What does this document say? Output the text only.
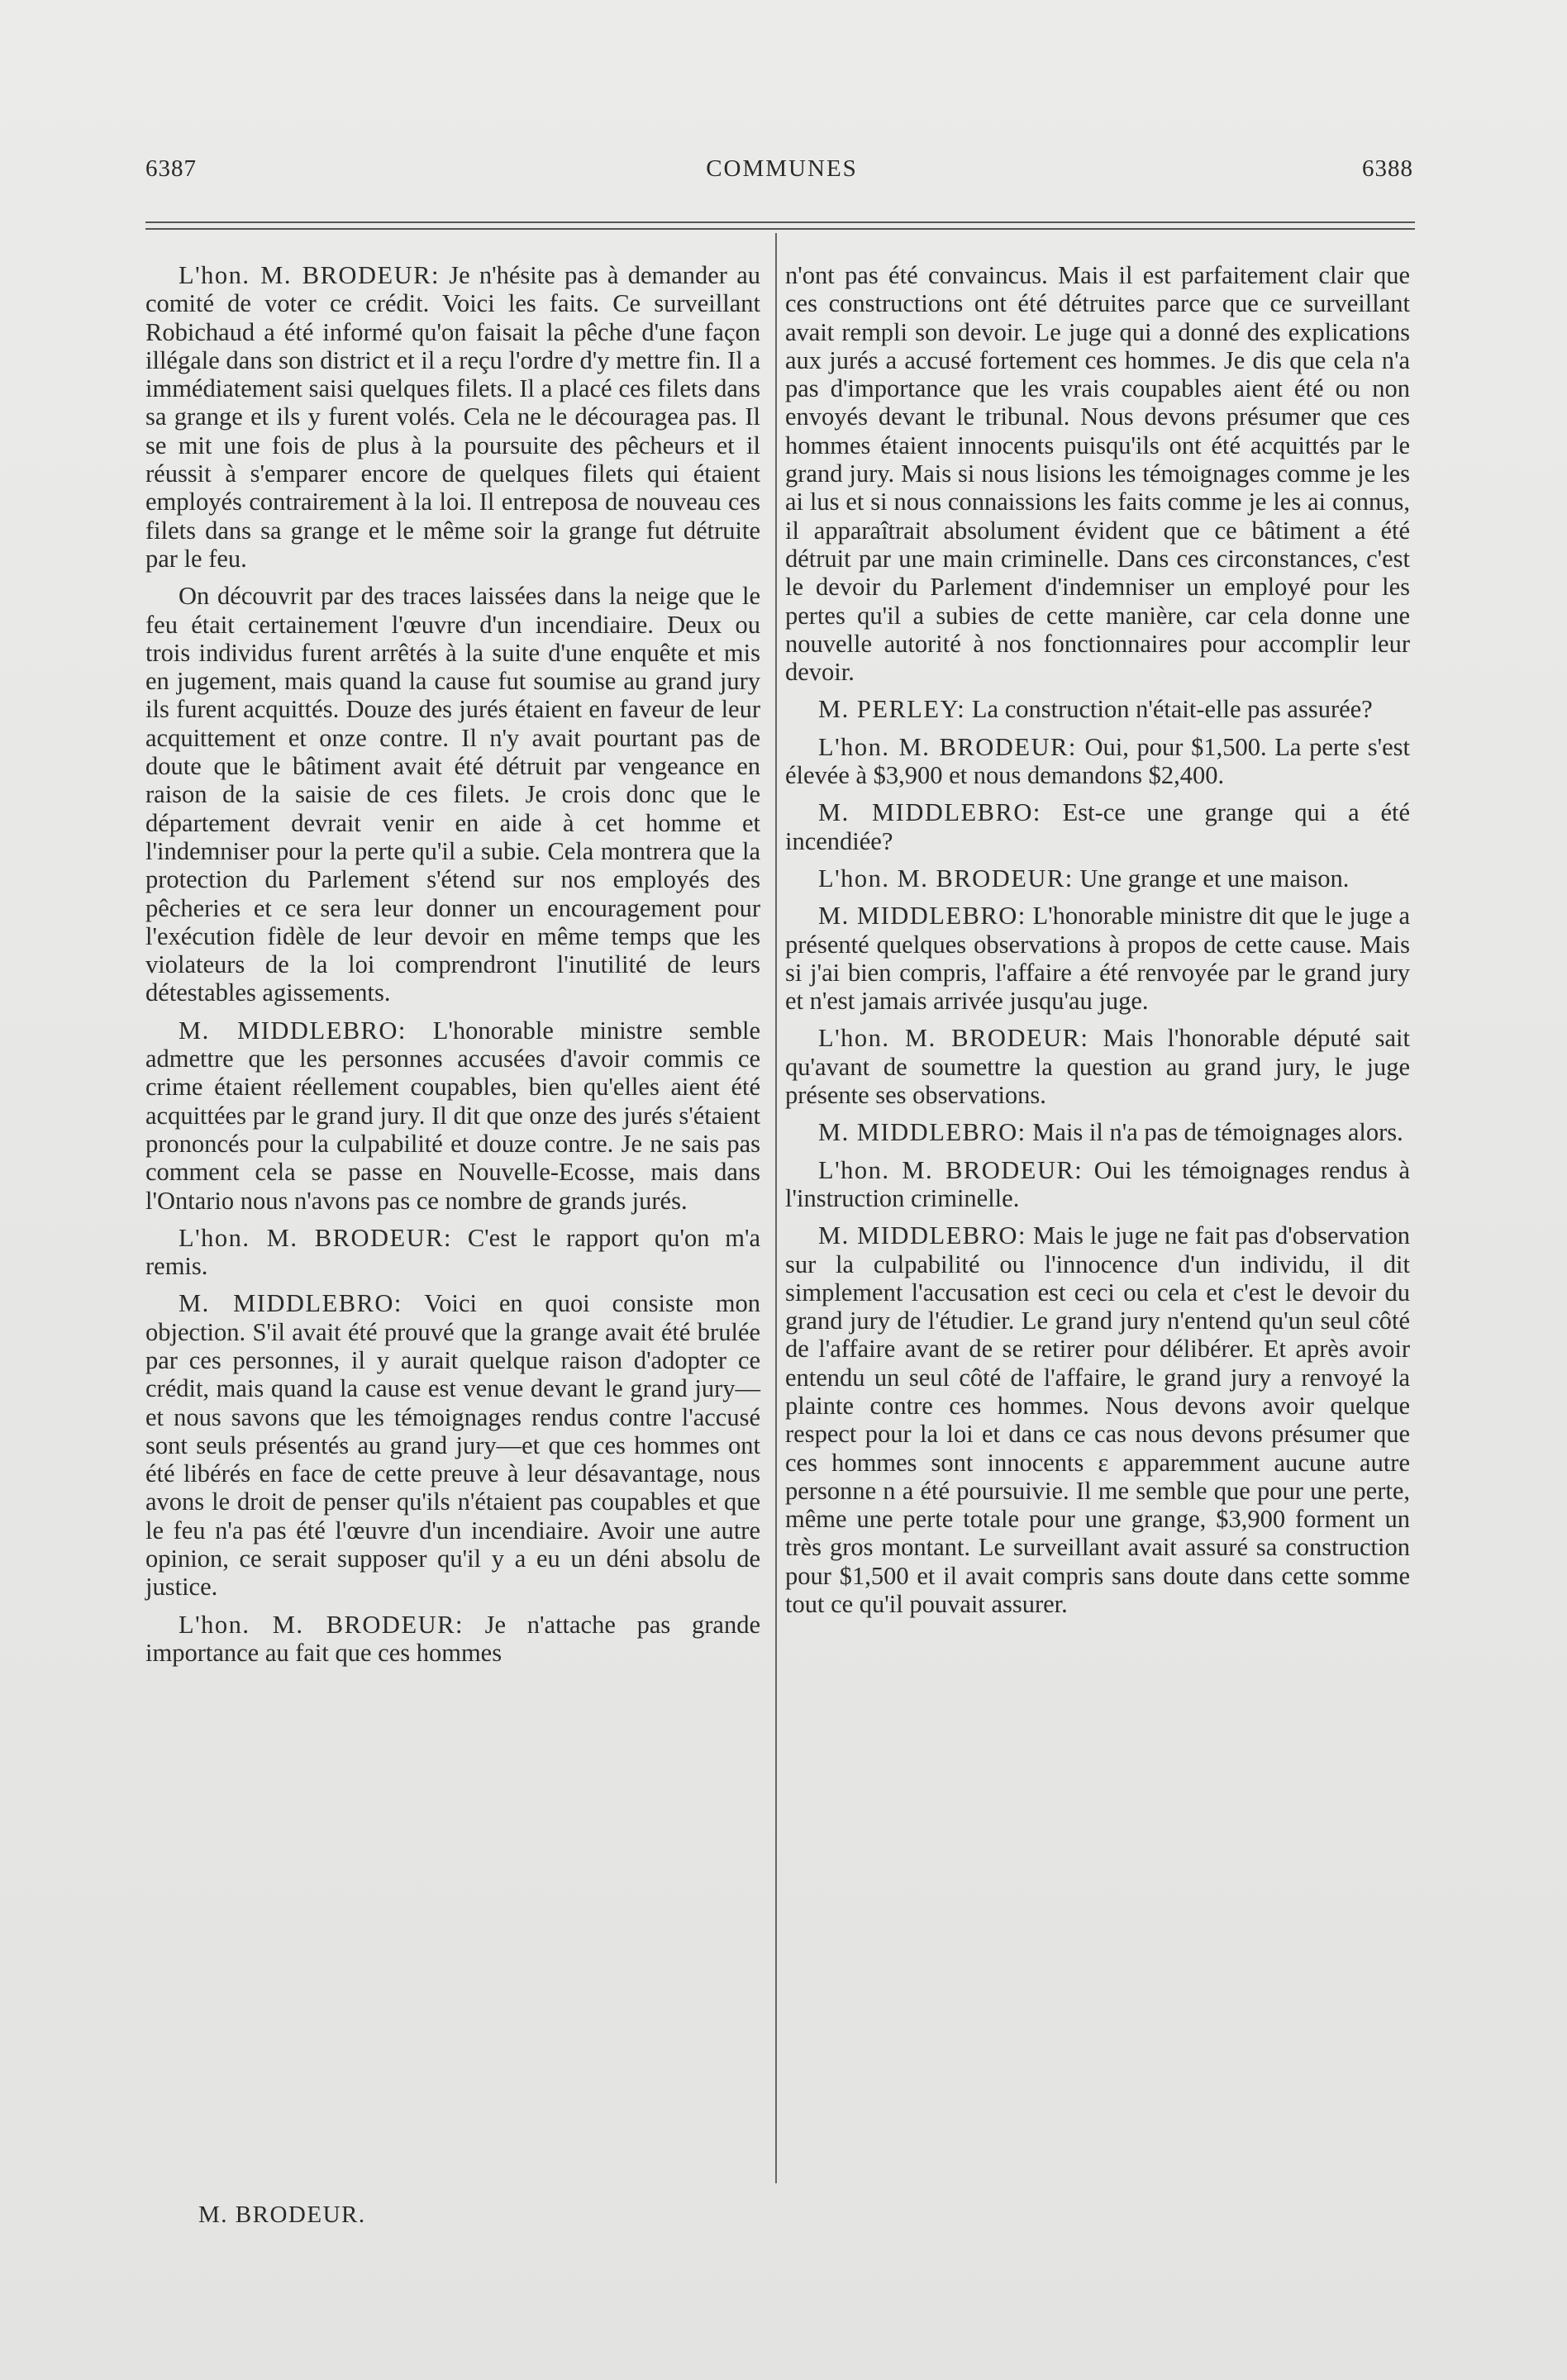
6387	COMMUNES	6388

L'hon. M. BRODEUR: Je n'hésite pas à demander au comité de voter ce crédit. Voici les faits. Ce surveillant Robichaud a été informé qu'on faisait la pêche d'une façon illégale dans son district et il a reçu l'ordre d'y mettre fin. Il a immédiatement saisi quelques filets. Il a placé ces filets dans sa grange et ils y furent volés. Cela ne le découragea pas. Il se mit une fois de plus à la poursuite des pêcheurs et il réussit à s'emparer encore de quelques filets qui étaient employés contrairement à la loi. Il entreposa de nouveau ces filets dans sa grange et le même soir la grange fut détruite par le feu.

On découvrit par des traces laissées dans la neige que le feu était certainement l'œuvre d'un incendiaire. Deux ou trois individus furent arrêtés à la suite d'une enquête et mis en jugement, mais quand la cause fut soumise au grand jury ils furent acquittés. Douze des jurés étaient en faveur de leur acquittement et onze contre. Il n'y avait pourtant pas de doute que le bâtiment avait été détruit par vengeance en raison de la saisie de ces filets. Je crois donc que le département devrait venir en aide à cet homme et l'indemniser pour la perte qu'il a subie. Cela montrera que la protection du Parlement s'étend sur nos employés des pêcheries et ce sera leur donner un encouragement pour l'exécution fidèle de leur devoir en même temps que les violateurs de la loi comprendront l'inutilité de leurs détestables agissements.

M. MIDDLEBRO: L'honorable ministre semble admettre que les personnes accusées d'avoir commis ce crime étaient réellement coupables, bien qu'elles aient été acquittées par le grand jury. Il dit que onze des jurés s'étaient prononcés pour la culpabilité et douze contre. Je ne sais pas comment cela se passe en Nouvelle-Ecosse, mais dans l'Ontario nous n'avons pas ce nombre de grands jurés.

L'hon. M. BRODEUR: C'est le rapport qu'on m'a remis.

M. MIDDLEBRO: Voici en quoi consiste mon objection. S'il avait été prouvé que la grange avait été brulée par ces personnes, il y aurait quelque raison d'adopter ce crédit, mais quand la cause est venue devant le grand jury—et nous savons que les témoignages rendus contre l'accusé sont seuls présentés au grand jury—et que ces hommes ont été libérés en face de cette preuve à leur désavantage, nous avons le droit de penser qu'ils n'étaient pas coupables et que le feu n'a pas été l'œuvre d'un incendiaire. Avoir une autre opinion, ce serait supposer qu'il y a eu un déni absolu de justice.

L'hon. M. BRODEUR: Je n'attache pas grande importance au fait que ces hommes

n'ont pas été convaincus. Mais il est parfaitement clair que ces constructions ont été détruites parce que ce surveillant avait rempli son devoir. Le juge qui a donné des explications aux jurés a accusé fortement ces hommes. Je dis que cela n'a pas d'importance que les vrais coupables aient été ou non envoyés devant le tribunal. Nous devons présumer que ces hommes étaient innocents puisqu'ils ont été acquittés par le grand jury. Mais si nous lisions les témoignages comme je les ai lus et si nous connaissions les faits comme je les ai connus, il apparaîtrait absolument évident que ce bâtiment a été détruit par une main criminelle. Dans ces circonstances, c'est le devoir du Parlement d'indemniser un employé pour les pertes qu'il a subies de cette manière, car cela donne une nouvelle autorité à nos fonctionnaires pour accomplir leur devoir.

M. PERLEY: La construction n'était-elle pas assurée?

L'hon. M. BRODEUR: Oui, pour $1,500. La perte s'est élevée à $3,900 et nous demandons $2,400.

M. MIDDLEBRO: Est-ce une grange qui a été incendiée?

L'hon. M. BRODEUR: Une grange et une maison.

M. MIDDLEBRO: L'honorable ministre dit que le juge a présenté quelques observations à propos de cette cause. Mais si j'ai bien compris, l'affaire a été renvoyée par le grand jury et n'est jamais arrivée jusqu'au juge.

L'hon. M. BRODEUR: Mais l'honorable député sait qu'avant de soumettre la question au grand jury, le juge présente ses observations.

M. MIDDLEBRO: Mais il n'a pas de témoignages alors.

L'hon. M. BRODEUR: Oui les témoignages rendus à l'instruction criminelle.

M. MIDDLEBRO: Mais le juge ne fait pas d'observation sur la culpabilité ou l'innocence d'un individu, il dit simplement l'accusation est ceci ou cela et c'est le devoir du grand jury de l'étudier. Le grand jury n'entend qu'un seul côté de l'affaire avant de se retirer pour délibérer. Et après avoir entendu un seul côté de l'affaire, le grand jury a renvoyé la plainte contre ces hommes. Nous devons avoir quelque respect pour la loi et dans ce cas nous devons présumer que ces hommes sont innocents ε apparemment aucune autre personne n a été poursuivie. Il me semble que pour une perte, même une perte totale pour une grange, $3,900 forment un très gros montant. Le surveillant avait assuré sa construction pour $1,500 et il avait compris sans doute dans cette somme tout ce qu'il pouvait assurer.

M. BRODEUR.
